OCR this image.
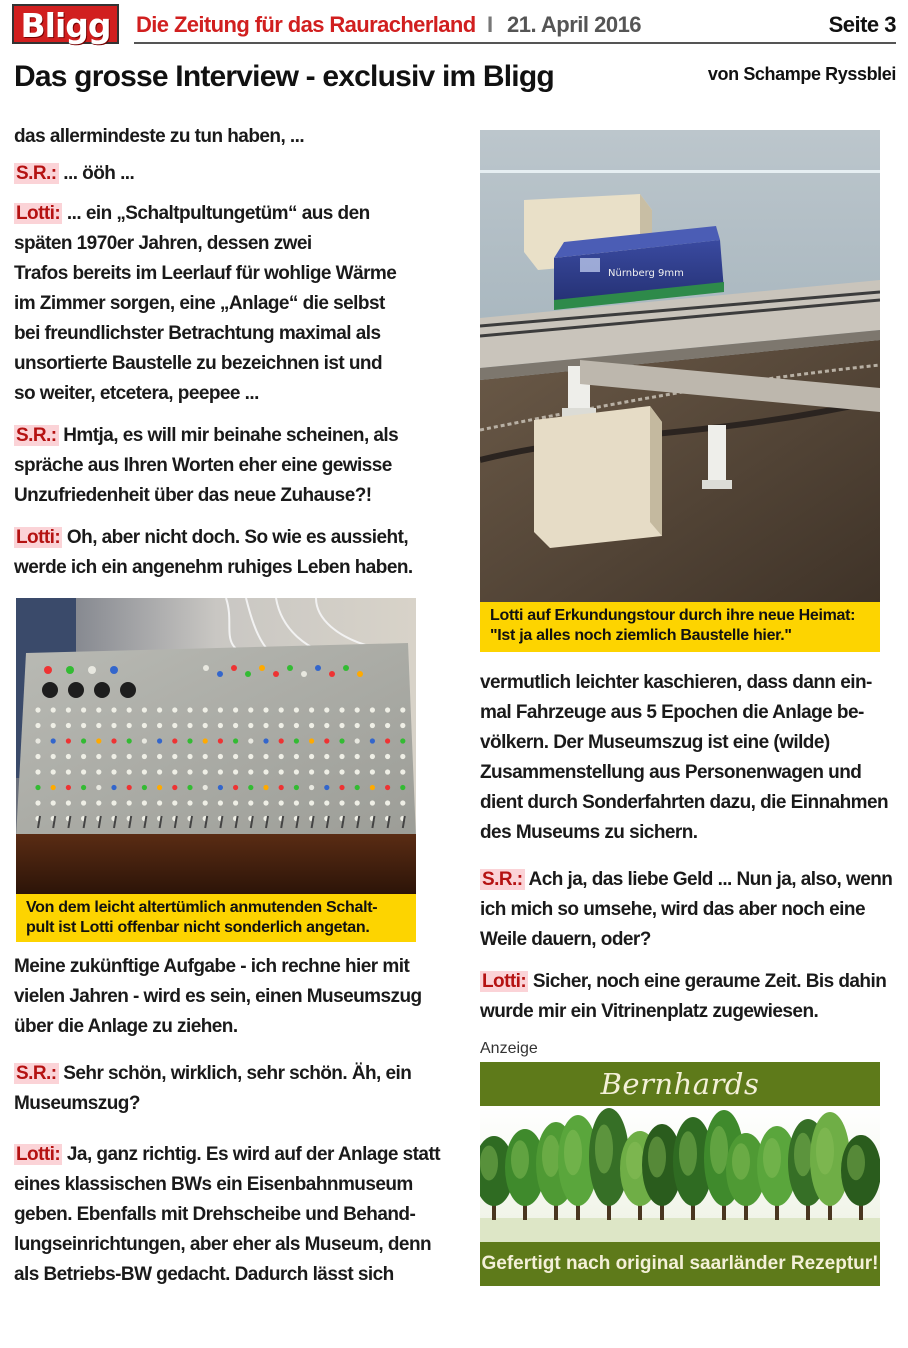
Bligg	Die Zeitung für das Rauracherland I 21. April 2016	Seite 3
Das grosse Interview - exclusiv im Bligg	von Schampe Ryssblei
das allermindeste zu tun haben, ...
S.R.: ... ööh ...
Lotti: ... ein „Schaltpultungetüm“ aus den
späten 1970er Jahren, dessen zwei
Trafos bereits im Leerlauf für wohlige Wärme
im Zimmer sorgen, eine „Anlage“ die selbst
bei freundlichster Betrachtung maximal als
unsortierte Baustelle zu bezeichnen ist und
so weiter, etcetera, peepee ...
S.R.: Hmtja, es will mir beinahe scheinen, als
spräche aus Ihren Worten eher eine gewisse
Unzufriedenheit über das neue Zuhause?!
Lotti: Oh, aber nicht doch. So wie es aussieht,
werde ich ein angenehm ruhiges Leben haben.
Von dem leicht altertümlich anmutenden Schalt-
pult ist Lotti offenbar nicht sonderlich angetan.
Meine zukünftige Aufgabe - ich rechne hier mit
vielen Jahren - wird es sein, einen Museumszug
über die Anlage zu ziehen.
S.R.: Sehr schön, wirklich, sehr schön. Äh, ein
Museumszug?
Lotti: Ja, ganz richtig. Es wird auf der Anlage statt
eines klassischen BWs ein Eisenbahnmuseum
geben. Ebenfalls mit Drehscheibe und Behand-
lungseinrichtungen, aber eher als Museum, denn
als Betriebs-BW gedacht. Dadurch lässt sich
Nürnberg 9mm
Lotti auf Erkundungstour durch ihre neue Heimat:
"Ist ja alles noch ziemlich Baustelle hier."
vermutlich leichter kaschieren, dass dann ein-
mal Fahrzeuge aus 5 Epochen die Anlage be-
völkern. Der Museumszug ist eine (wilde)
Zusammenstellung aus Personenwagen und
dient durch Sonderfahrten dazu, die Einnahmen
des Museums zu sichern.
S.R.: Ach ja, das liebe Geld ... Nun ja, also, wenn
ich mich so umsehe, wird das aber noch eine
Weile dauern, oder?
Lotti: Sicher, noch eine geraume Zeit. Bis dahin
wurde mir ein Vitrinenplatz zugewiesen.
Anzeige
Bernhards
Gefertigt nach original saarländer Rezeptur!
